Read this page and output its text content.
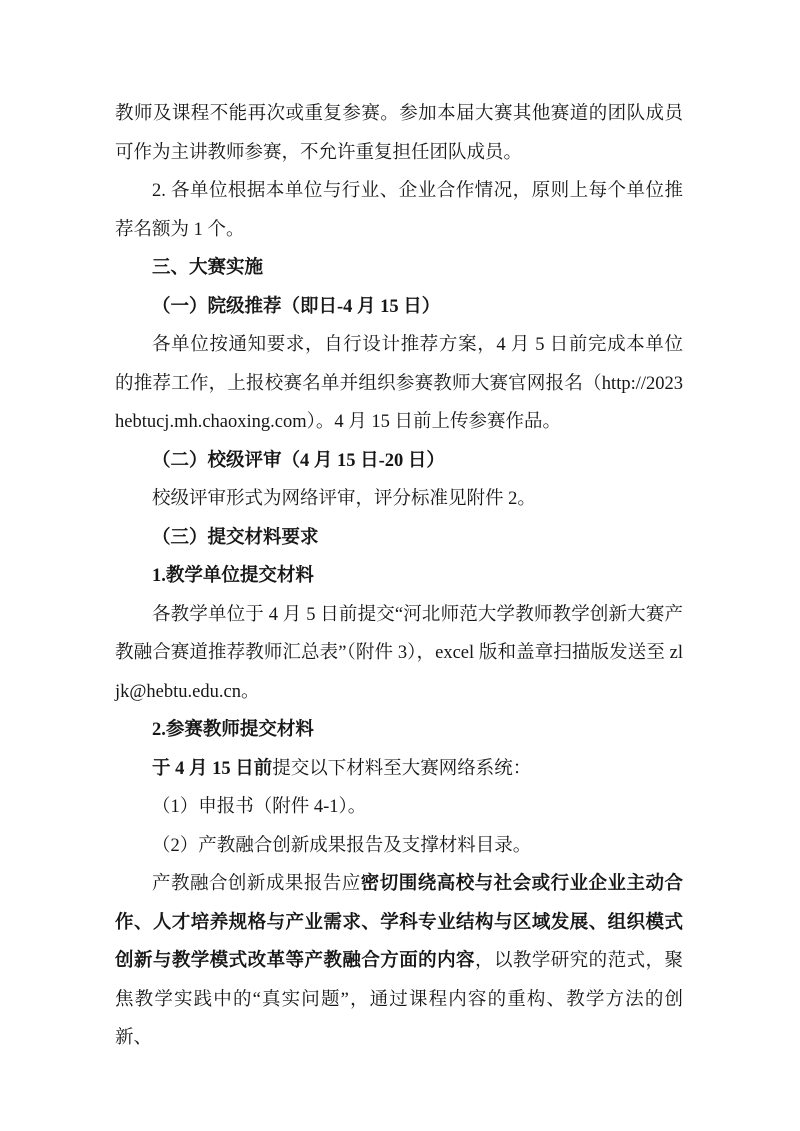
教师及课程不能再次或重复参赛。参加本届大赛其他赛道的团队成员可作为主讲教师参赛，不允许重复担任团队成员。

2. 各单位根据本单位与行业、企业合作情况，原则上每个单位推荐名额为 1 个。

三、大赛实施

（一）院级推荐（即日-4 月 15 日）

各单位按通知要求，自行设计推荐方案，4 月 5 日前完成本单位的推荐工作，上报校赛名单并组织参赛教师大赛官网报名（http://2023hebtucj.mh.chaoxing.com）。4 月 15 日前上传参赛作品。

（二）校级评审（4 月 15 日-20 日）

校级评审形式为网络评审，评分标准见附件 2。

（三）提交材料要求

1.教学单位提交材料

各教学单位于 4 月 5 日前提交“河北师范大学教师教学创新大赛产教融合赛道推荐教师汇总表”（附件 3），excel 版和盖章扫描版发送至 zljk@hebtu.edu.cn。

2.参赛教师提交材料

于 4 月 15 日前提交以下材料至大赛网络系统：

（1）申报书（附件 4-1）。

（2）产教融合创新成果报告及支撑材料目录。

产教融合创新成果报告应密切围绕高校与社会或行业企业主动合作、人才培养规格与产业需求、学科专业结构与区域发展、组织模式创新与教学模式改革等产教融合方面的内容，以教学研究的范式，聚焦教学实践中的“真实问题”，通过课程内容的重构、教学方法的创新、
